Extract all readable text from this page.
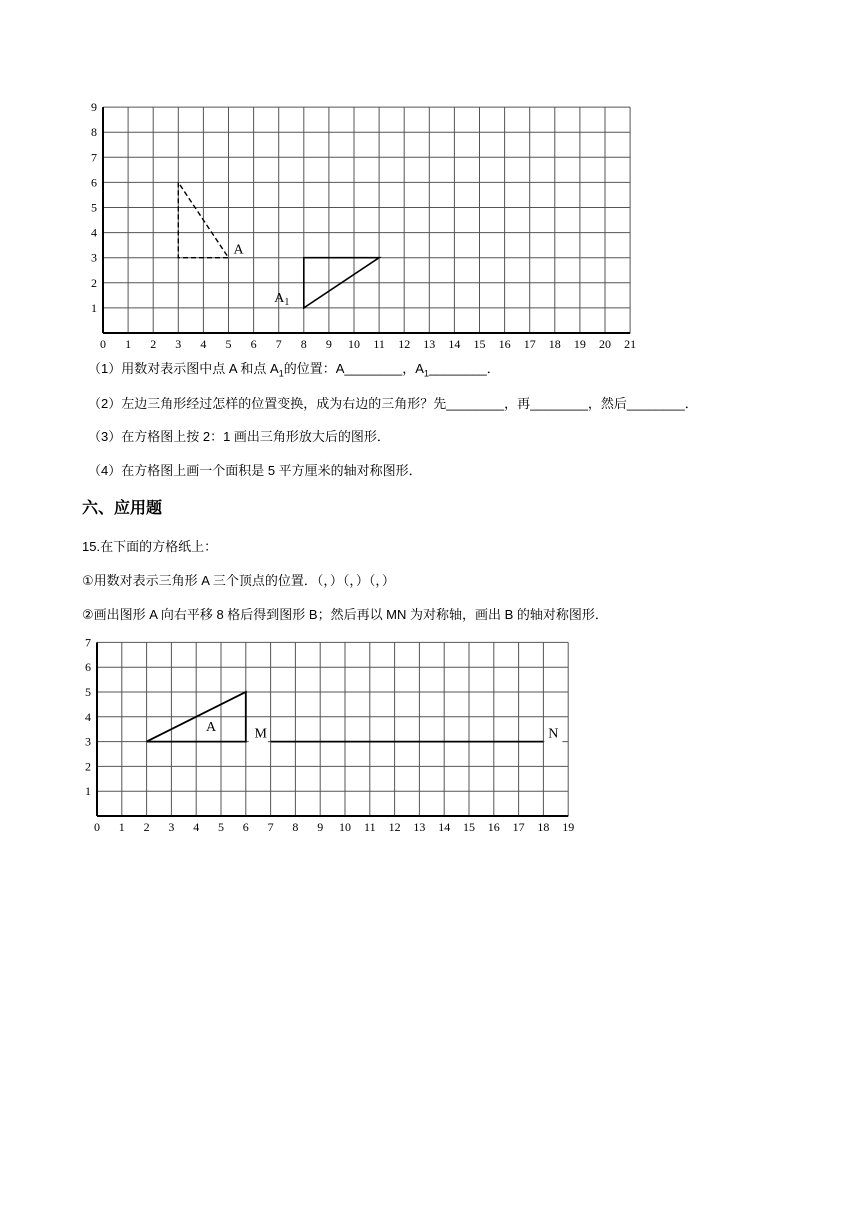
0 1 2 3 4 5 6 7 8 9 10 11 12 13 14 15 16 17 18 19 20 21
1
2
3
4
5
6
7
8
9
A
$A_1$
（1）用数对表示图中点 A 和点 $A_1$的位置：A________，$A_1\_\_\_\_\_\_\_\_$．
（2）左边三角形经过怎样的位置变换，成为右边的三角形？先________，再________，然后________．
（3）在方格图上按 2：1 画出三角形放大后的图形．
（4）在方格图上画一个面积是 5 平方厘米的轴对称图形．
六、应用题
15.在下面的方格纸上：
①用数对表示三角形 A 三个顶点的位置．（，）（，）（，）
②画出图形 A 向右平移 8 格后得到图形 B；然后再以 MN 为对称轴，画出 B 的轴对称图形．
0 1 2 3 4 5 6 7 8 9 10 11 12 13 14 15 16 17 18 19
1
2
3
4
5
6
7
A	M	N
